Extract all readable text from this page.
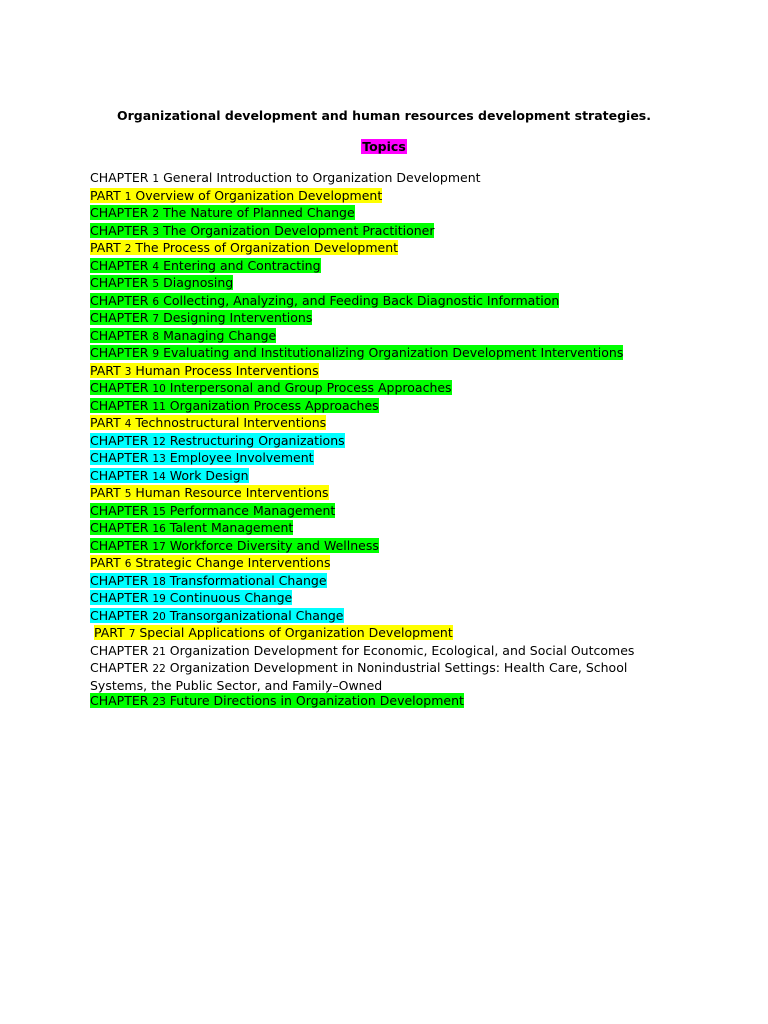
Organizational development and human resources development strategies.
Topics
CHAPTER 1 General Introduction to Organization Development
PART 1 Overview of Organization Development
CHAPTER 2 The Nature of Planned Change
CHAPTER 3 The Organization Development Practitioner
PART 2 The Process of Organization Development
CHAPTER 4 Entering and Contracting
CHAPTER 5 Diagnosing
CHAPTER 6 Collecting, Analyzing, and Feeding Back Diagnostic Information
CHAPTER 7 Designing Interventions
CHAPTER 8 Managing Change
CHAPTER 9 Evaluating and Institutionalizing Organization Development Interventions
PART 3 Human Process Interventions
CHAPTER 10 Interpersonal and Group Process Approaches
CHAPTER 11 Organization Process Approaches
PART 4 Technostructural Interventions
CHAPTER 12 Restructuring Organizations
CHAPTER 13 Employee Involvement
CHAPTER 14 Work Design
PART 5 Human Resource Interventions
CHAPTER 15 Performance Management
CHAPTER 16 Talent Management
CHAPTER 17 Workforce Diversity and Wellness
PART 6 Strategic Change Interventions
CHAPTER 18 Transformational Change
CHAPTER 19 Continuous Change
CHAPTER 20 Transorganizational Change
PART 7 Special Applications of Organization Development
CHAPTER 21 Organization Development for Economic, Ecological, and Social Outcomes
CHAPTER 22 Organization Development in Nonindustrial Settings: Health Care, School Systems, the Public Sector, and Family–Owned
CHAPTER 23 Future Directions in Organization Development
